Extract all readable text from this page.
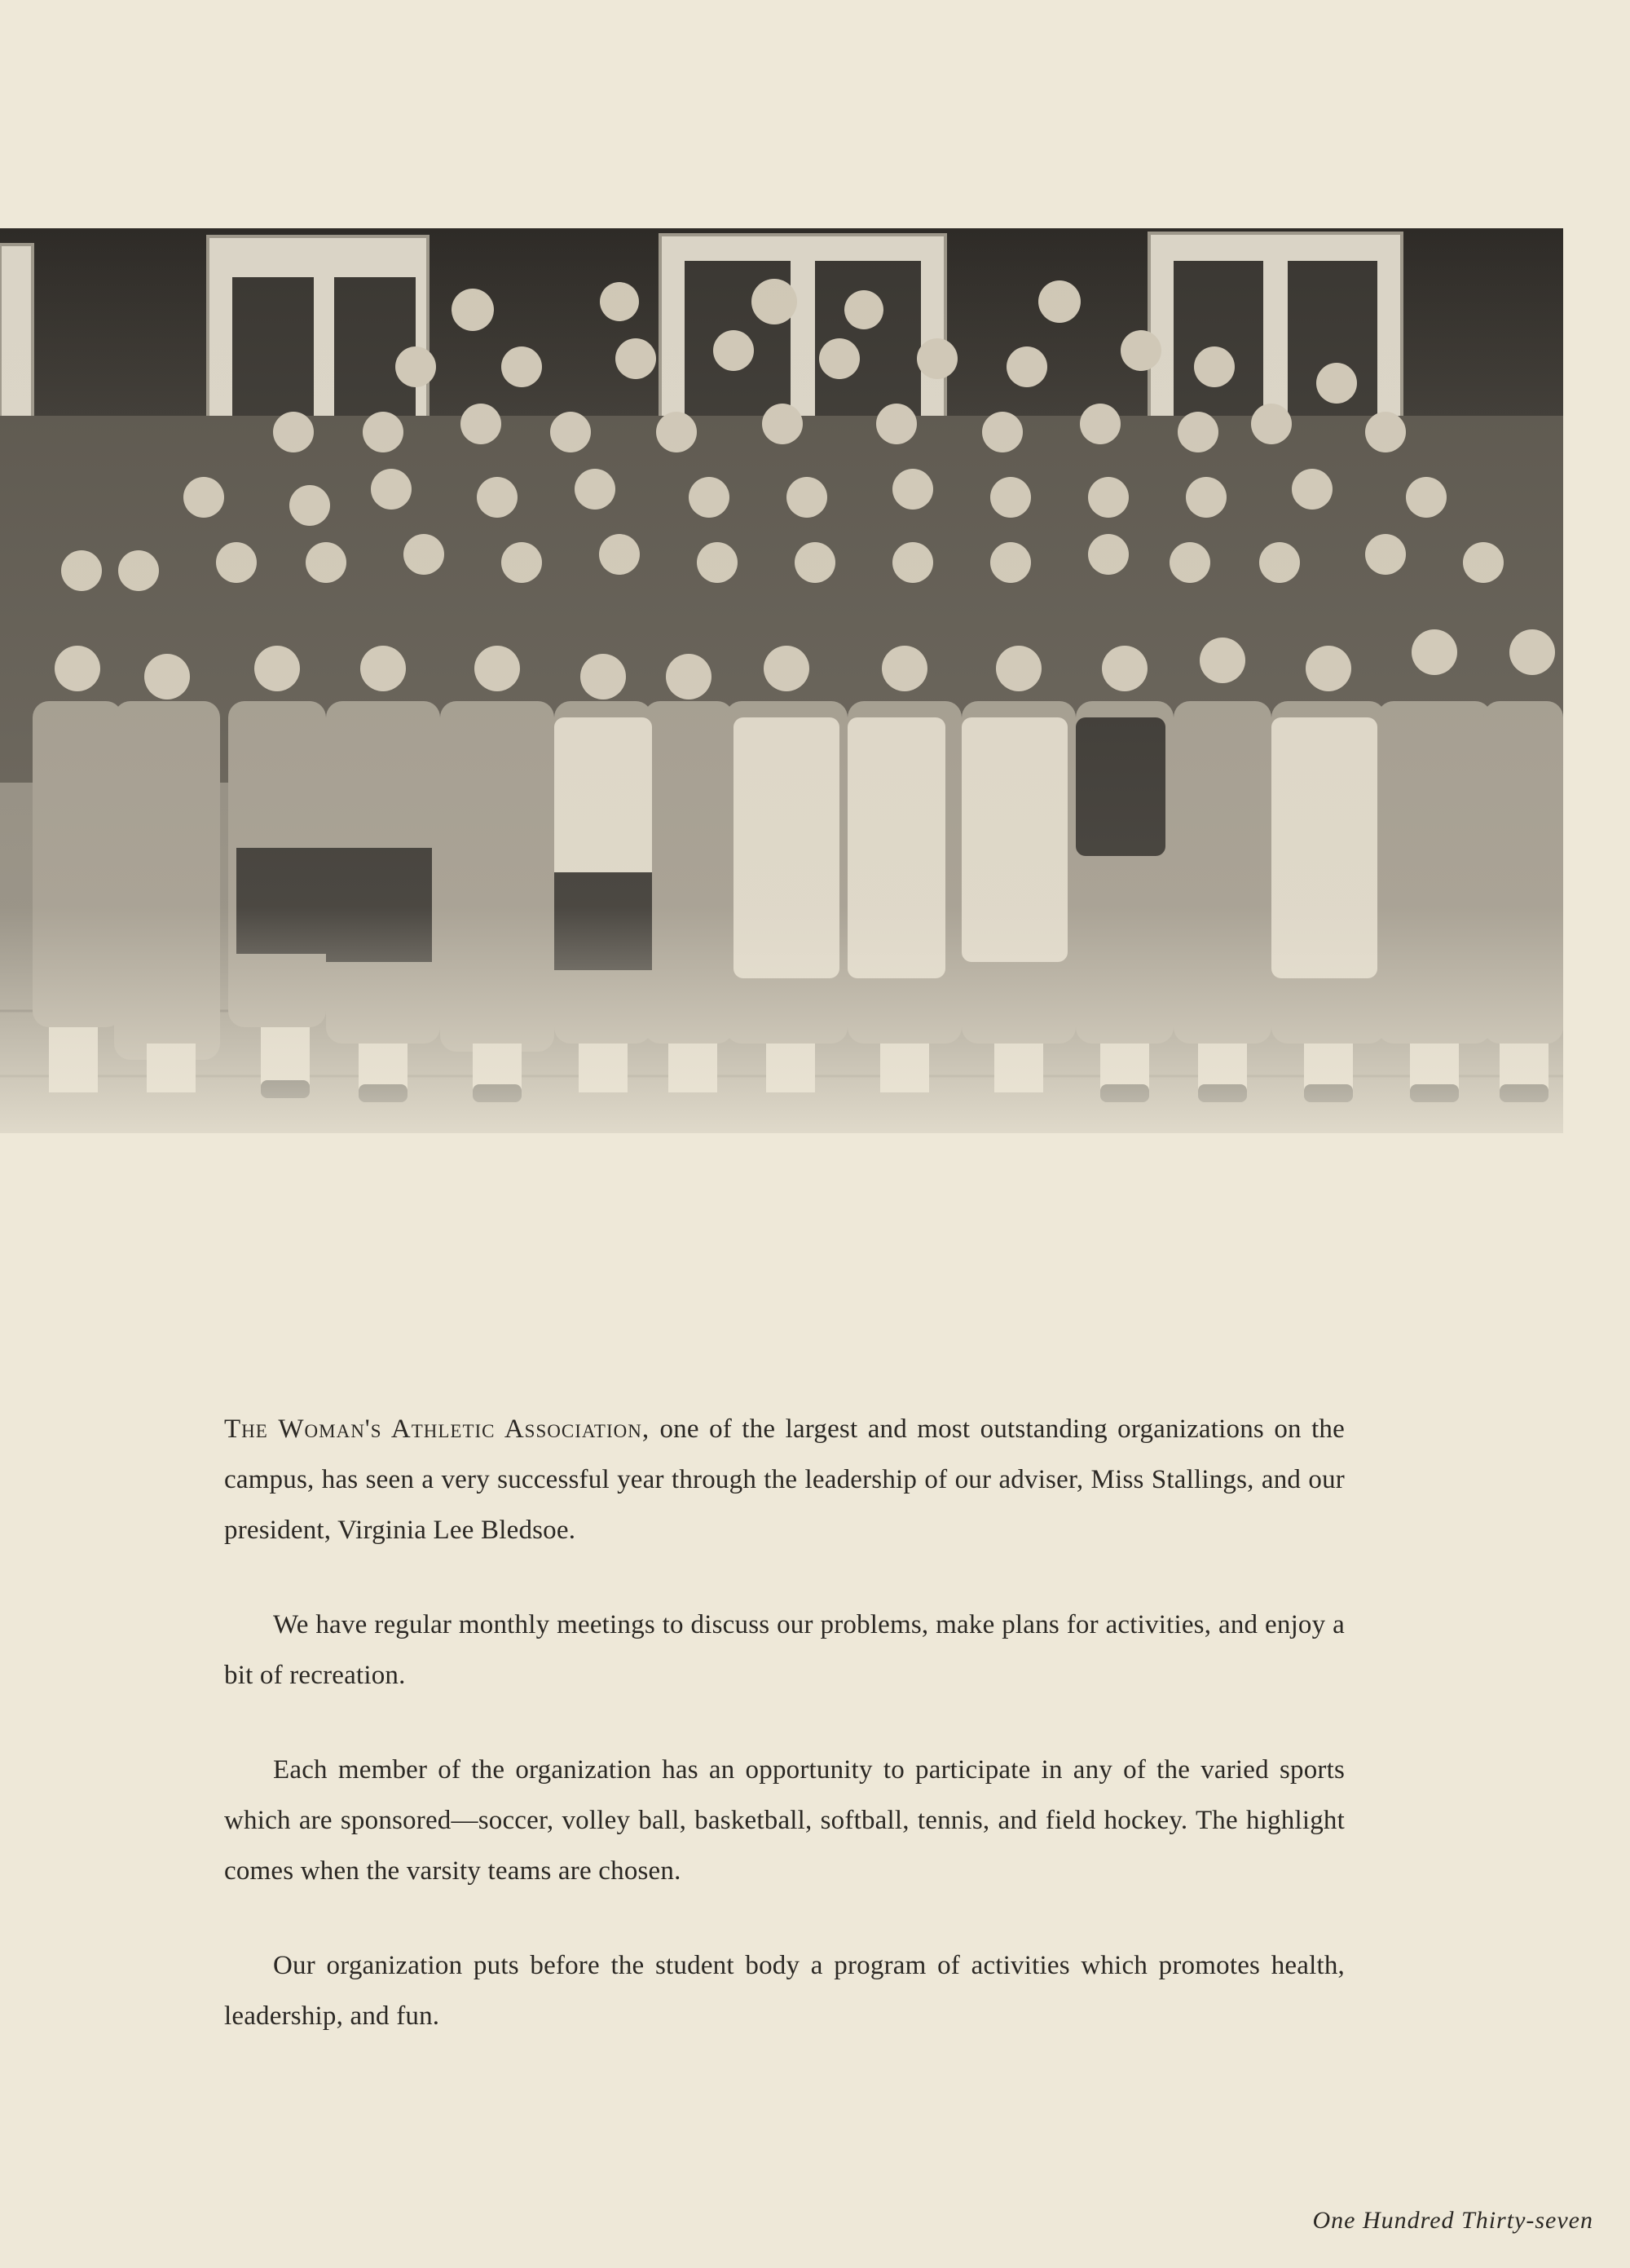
The Woman's Athletic Association, one of the largest and most outstanding organizations on the campus, has seen a very successful year through the leadership of our adviser, Miss Stallings, and our president, Virginia Lee Bledsoe.

We have regular monthly meetings to discuss our problems, make plans for activities, and enjoy a bit of recreation.

Each member of the organization has an opportunity to participate in any of the varied sports which are sponsored—soccer, volley ball, basketball, softball, tennis, and field hockey. The highlight comes when the varsity teams are chosen.

Our organization puts before the student body a program of activities which promotes health, leadership, and fun.

One Hundred Thirty-seven
